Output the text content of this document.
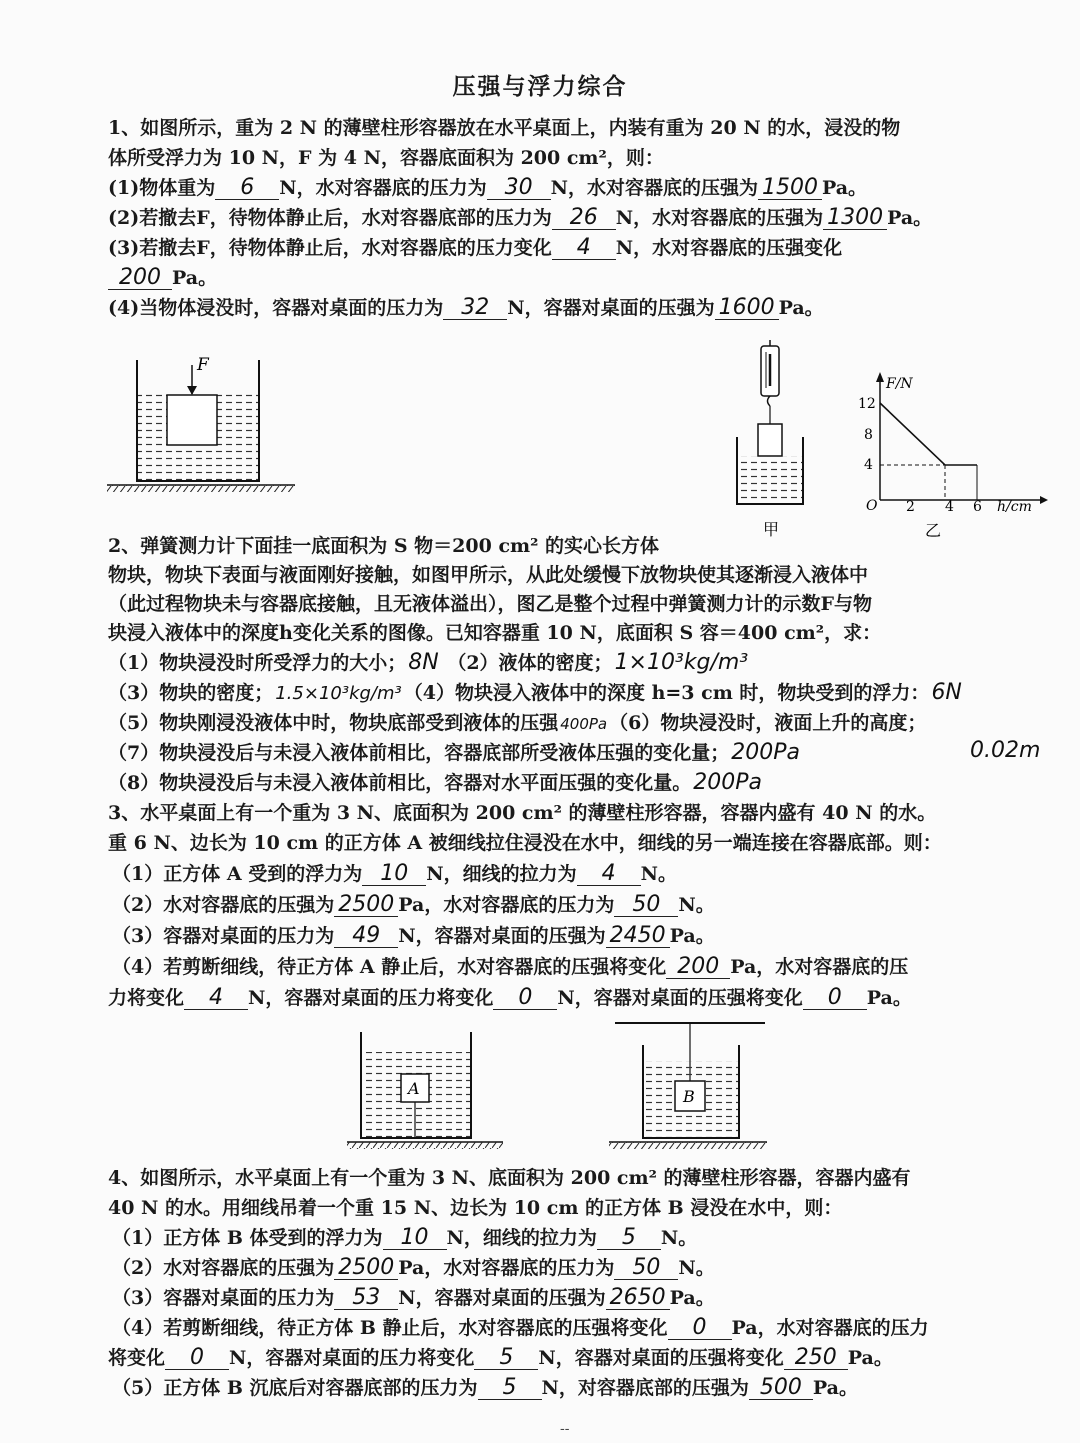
压强与浮力综合
1、如图所示，重为 2 N 的薄壁柱形容器放在水平桌面上，内装有重为 20 N 的水，浸没的物
体所受浮力为 10 N，F 为 4 N，容器底面积为 200 cm²，则：
(1)物体重为 6 N，水对容器底的压力为 30 N，水对容器底的压强为 1500 Pa。
(2)若撤去F，待物体静止后，水对容器底部的压力为 26 N，水对容器底的压强为 1300 Pa。
(3)若撤去F，待物体静止后，水对容器底的压力变化 4 N，水对容器底的压强变化
200 Pa。
(4)当物体浸没时，容器对桌面的压力为 32 N，容器对桌面的压强为 1600 Pa。
F
甲
F/N
h/cm
O
12
8
4
2 4 6
乙
2、弹簧测力计下面挂一底面积为 S 物＝200 cm² 的实心长方体
物块，物块下表面与液面刚好接触，如图甲所示，从此处缓慢下放物块使其逐渐浸入液体中
（此过程物块未与容器底接触，且无液体溢出），图乙是整个过程中弹簧测力计的示数F与物
块浸入液体中的深度h变化关系的图像。已知容器重 10 N，底面积 S 容＝400 cm²，求：
（1）物块浸没时所受浮力的大小；8N （2）液体的密度；1×10³kg/m³
（3）物块的密度； 1.5×10³kg/m³ （4）物块浸入液体中的深度 h=3 cm 时，物块受到的浮力：6N
（5）物块刚浸没液体中时，物块底部受到液体的压强 400Pa （6）物块浸没时，液面上升的高度；
（7）物块浸没后与未浸入液体前相比，容器底部所受液体压强的变化量；200Pa	0.02m
（8）物块浸没后与未浸入液体前相比，容器对水平面压强的变化量。200Pa
3、水平桌面上有一个重为 3 N、底面积为 200 cm² 的薄壁柱形容器，容器内盛有 40 N 的水。
重 6 N、边长为 10 cm 的正方体 A 被细线拉住浸没在水中，细线的另一端连接在容器底部。则：
（1）正方体 A 受到的浮力为 10 N，细线的拉力为 4 N。
（2）水对容器底的压强为 2500 Pa，水对容器底的压力为 50 N。
（3）容器对桌面的压力为 49 N，容器对桌面的压强为 2450 Pa。
（4）若剪断细线，待正方体 A 静止后，水对容器底的压强将变化 200 Pa，水对容器底的压
力将变化 4 N，容器对桌面的压力将变化 0 N，容器对桌面的压强将变化 0 Pa。
A	B
4、如图所示，水平桌面上有一个重为 3 N、底面积为 200 cm² 的薄壁柱形容器，容器内盛有
40 N 的水。用细线吊着一个重 15 N、边长为 10 cm 的正方体 B 浸没在水中，则：
（1）正方体 B 体受到的浮力为 10 N，细线的拉力为 5 N。
（2）水对容器底的压强为 2500 Pa，水对容器底的压力为 50 N。
（3）容器对桌面的压力为 53 N，容器对桌面的压强为 2650 Pa。
（4）若剪断细线，待正方体 B 静止后，水对容器底的压强将变化 0 Pa，水对容器底的压力
将变化 0 N，容器对桌面的压力将变化 5 N，容器对桌面的压强将变化 250 Pa。
（5）正方体 B 沉底后对容器底部的压力为 5 N，对容器底部的压强为 500 Pa。
--
